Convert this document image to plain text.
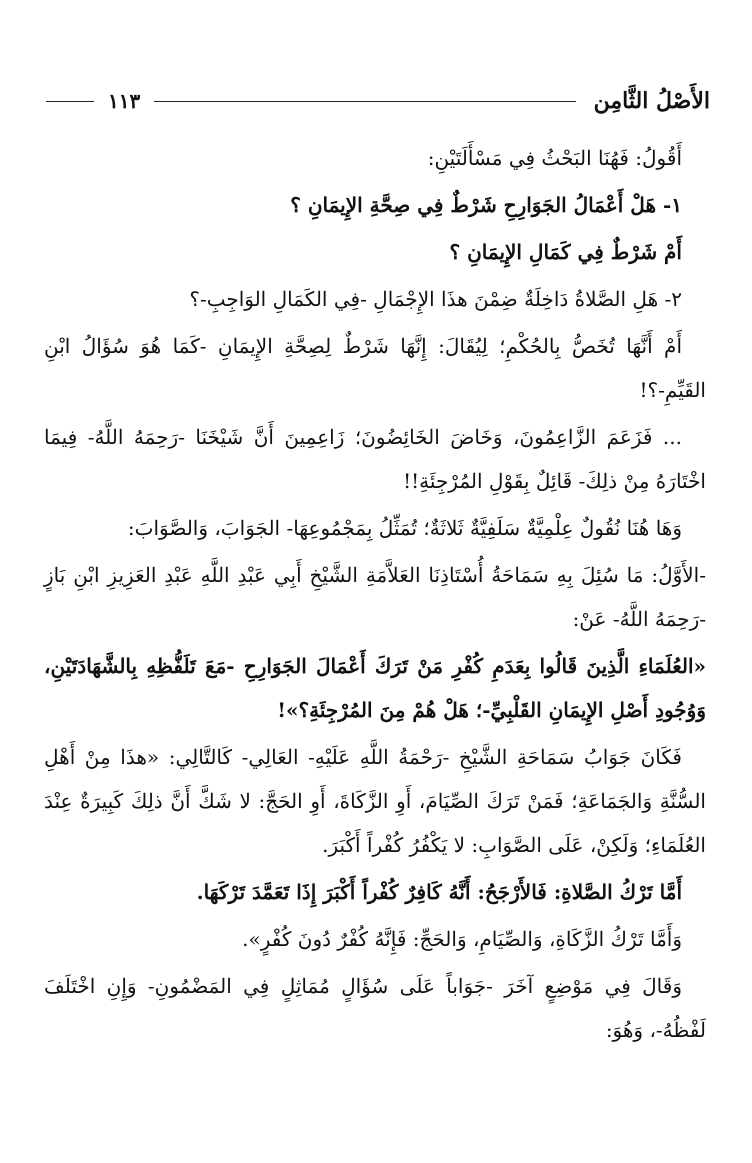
الأَصْلُ الثَّامِن
١١٣

أَقُولُ: فَهُنَا البَحْثُ فِي مَسْأَلَتَيْنِ:

١- هَلْ أَعْمَالُ الجَوَارِحِ شَرْطٌ فِي صِحَّةِ الإِيمَانِ ؟

أَمْ شَرْطٌ فِي كَمَالِ الإِيمَانِ ؟

٢- هَلِ الصَّلاةُ دَاخِلَةٌ ضِمْنَ هذَا الإِجْمَالِ -فِي الكَمَالِ الوَاجِبِ-؟

أَمْ أَنَّهَا تُخَصُّ بِالحُكْمِ؛ لِيُقَالَ: إِنَّهَا شَرْطٌ لِصِحَّةِ الإِيمَانِ -كَمَا هُوَ سُؤَالُ ابْنِ القَيِّمِ-؟!

... فَزَعَمَ الزَّاعِمُونَ، وَخَاضَ الخَائِضُونَ؛ زَاعِمِينَ أَنَّ شَيْخَنَا -رَحِمَهُ اللَّهُ- فِيمَا اخْتَارَهُ مِنْ ذلِكَ- قَائِلٌ بِقَوْلِ المُرْجِئَةِ!!

وَهَا هُنَا نُقُولٌ عِلْمِيَّةٌ سَلَفِيَّةٌ ثَلاثَةٌ؛ تُمَثِّلُ بِمَجْمُوعِهَا- الجَوَابَ، وَالصَّوَابَ:

-الأَوَّلُ: مَا سُئِلَ بِهِ سَمَاحَةُ أُسْتَاذِنَا العَلاَّمَةِ الشَّيْخِ أَبِي عَبْدِ اللَّهِ عَبْدِ العَزِيزِ ابْنِ بَازٍ -رَحِمَهُ اللَّهُ- عَنْ:

«العُلَمَاءِ الَّذِينَ قَالُوا بِعَدَمِ كُفْرِ مَنْ تَرَكَ أَعْمَالَ الجَوَارِحِ -مَعَ تَلَفُّظِهِ بِالشَّهَادَتَيْنِ، وَوُجُودِ أَصْلِ الإِيمَانِ القَلْبِيِّ-؛ هَلْ هُمْ مِنَ المُرْجِئَةِ؟»!

فَكَانَ جَوَابُ سَمَاحَةِ الشَّيْخِ -رَحْمَةُ اللَّهِ عَلَيْهِ- العَالِي- كَالتَّالِي: «هذَا مِنْ أَهْلِ السُّنَّةِ وَالجَمَاعَةِ؛ فَمَنْ تَرَكَ الصِّيَامَ، أَوِ الزَّكَاةَ، أَوِ الحَجَّ: لا شَكَّ أَنَّ ذلِكَ كَبِيرَةٌ عِنْدَ العُلَمَاءِ؛ وَلَكِنْ، عَلَى الصَّوَابِ: لا يَكْفُرُ كُفْراً أَكْبَرَ.

أَمَّا تَرْكُ الصَّلاةِ: فَالأَرْجَحُ: أَنَّهُ كَافِرٌ كُفْراً أَكْبَرَ إِذَا تَعَمَّدَ تَرْكَهَا.

وَأَمَّا تَرْكُ الزَّكَاةِ، وَالصِّيَامِ، وَالحَجِّ: فَإِنَّهُ كُفْرٌ دُونَ كُفْرٍ».

وَقَالَ فِي مَوْضِعٍ آخَرَ -جَوَاباً عَلَى سُؤَالٍ مُمَاثِلٍ فِي المَضْمُونِ- وَإِنِ اخْتَلَفَ لَفْظُهُ-، وَهُوَ:
